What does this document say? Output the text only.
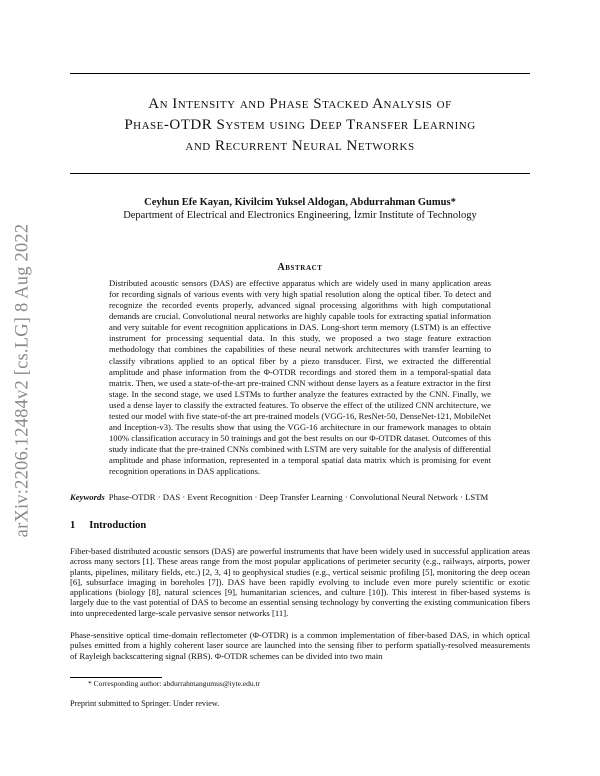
arXiv:2206.12484v2 [cs.LG] 8 Aug 2022
An Intensity and Phase Stacked Analysis of
Phase-OTDR System using Deep Transfer Learning
and Recurrent Neural Networks
Ceyhun Efe Kayan, Kivilcim Yuksel Aldogan, Abdurrahman Gumus*
Department of Electrical and Electronics Engineering, İzmir Institute of Technology
Abstract

Distributed acoustic sensors (DAS) are effective apparatus which are widely used in many application areas for recording signals of various events with very high spatial resolution along the optical fiber. To detect and recognize the recorded events properly, advanced signal processing algorithms with high computational demands are crucial. Convolutional neural networks are highly capable tools for extracting spatial information and very suitable for event recognition applications in DAS. Long-short term memory (LSTM) is an effective instrument for processing sequential data. In this study, we proposed a two stage feature extraction methodology that combines the capabilities of these neural network architectures with transfer learning to classify vibrations applied to an optical fiber by a piezo transducer. First, we extracted the differential amplitude and phase information from the Φ-OTDR recordings and stored them in a temporal-spatial data matrix. Then, we used a state-of-the-art pre-trained CNN without dense layers as a feature extractor in the first stage. In the second stage, we used LSTMs to further analyze the features extracted by the CNN. Finally, we used a dense layer to classify the extracted features. To observe the effect of the utilized CNN architecture, we tested our model with five state-of-the art pre-trained models (VGG-16, ResNet-50, DenseNet-121, MobileNet and Inception-v3). The results show that using the VGG-16 architecture in our framework manages to obtain 100% classification accuracy in 50 trainings and got the best results on our Φ-OTDR dataset. Outcomes of this study indicate that the pre-trained CNNs combined with LSTM are very suitable for the analysis of differential amplitude and phase information, represented in a temporal spatial data matrix which is promising for event recognition operations in DAS applications.

Keywords Phase-OTDR · DAS · Event Recognition · Deep Transfer Learning · Convolutional Neural Network · LSTM

1 Introduction

Fiber-based distributed acoustic sensors (DAS) are powerful instruments that have been widely used in successful application areas across many sectors [1]. These areas range from the most popular applications of perimeter security (e.g., railways, airports, power plants, pipelines, military fields, etc.) [2, 3, 4] to geophysical studies (e.g., vertical seismic profiling [5], monitoring the deep ocean [6], subsurface imaging in boreholes [7]). DAS have been rapidly evolving to include even more purely scientific or exotic applications (biology [8], natural sciences [9], humanitarian sciences, and culture [10]). This interest in fiber-based systems is largely due to the vast potential of DAS to become an essential sensing technology by converting the existing communication fibers into unprecedented large-scale pervasive sensor networks [11].

Phase-sensitive optical time-domain reflectometer (Φ-OTDR) is a common implementation of fiber-based DAS, in which optical pulses emitted from a highly coherent laser source are launched into the sensing fiber to perform spatially-resolved measurements of Rayleigh backscattering signal (RBS). Φ-OTDR schemes can be divided into two main

* Corresponding author: abdurrahmangumus@iyte.edu.tr

Preprint submitted to Springer. Under review.
